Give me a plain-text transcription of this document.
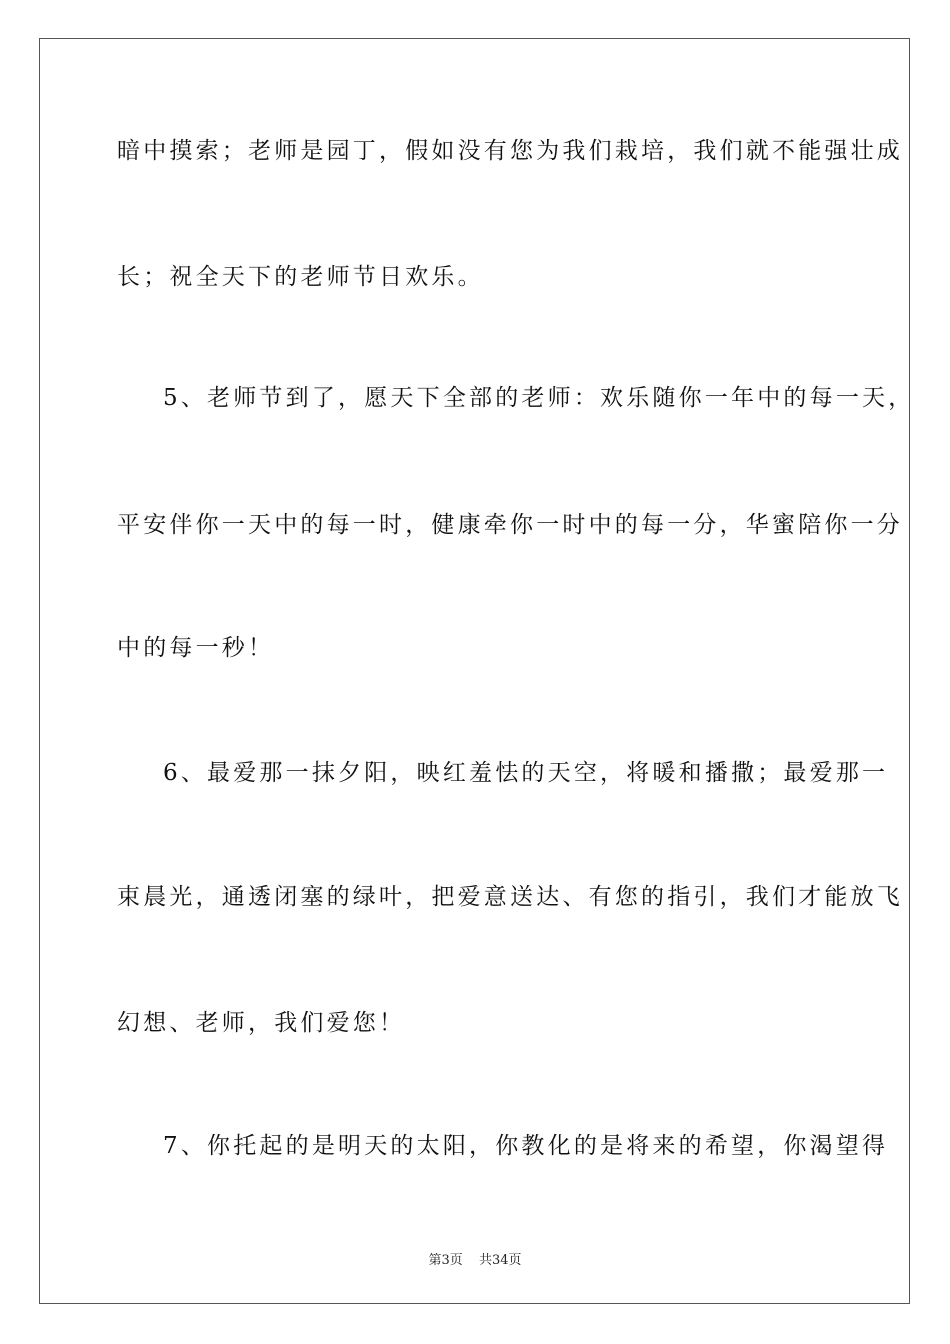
暗中摸索；老师是园丁，假如没有您为我们栽培，我们就不能强壮成
长；祝全天下的老师节日欢乐。
5、老师节到了，愿天下全部的老师：欢乐随你一年中的每一天，
平安伴你一天中的每一时，健康牵你一时中的每一分，华蜜陪你一分
中的每一秒！
6、最爱那一抹夕阳，映红羞怯的天空，将暖和播撒；最爱那一
束晨光，通透闭塞的绿叶，把爱意送达、有您的指引，我们才能放飞
幻想、老师，我们爱您！
7、你托起的是明天的太阳，你教化的是将来的希望，你渴望得
第3页 共34页
